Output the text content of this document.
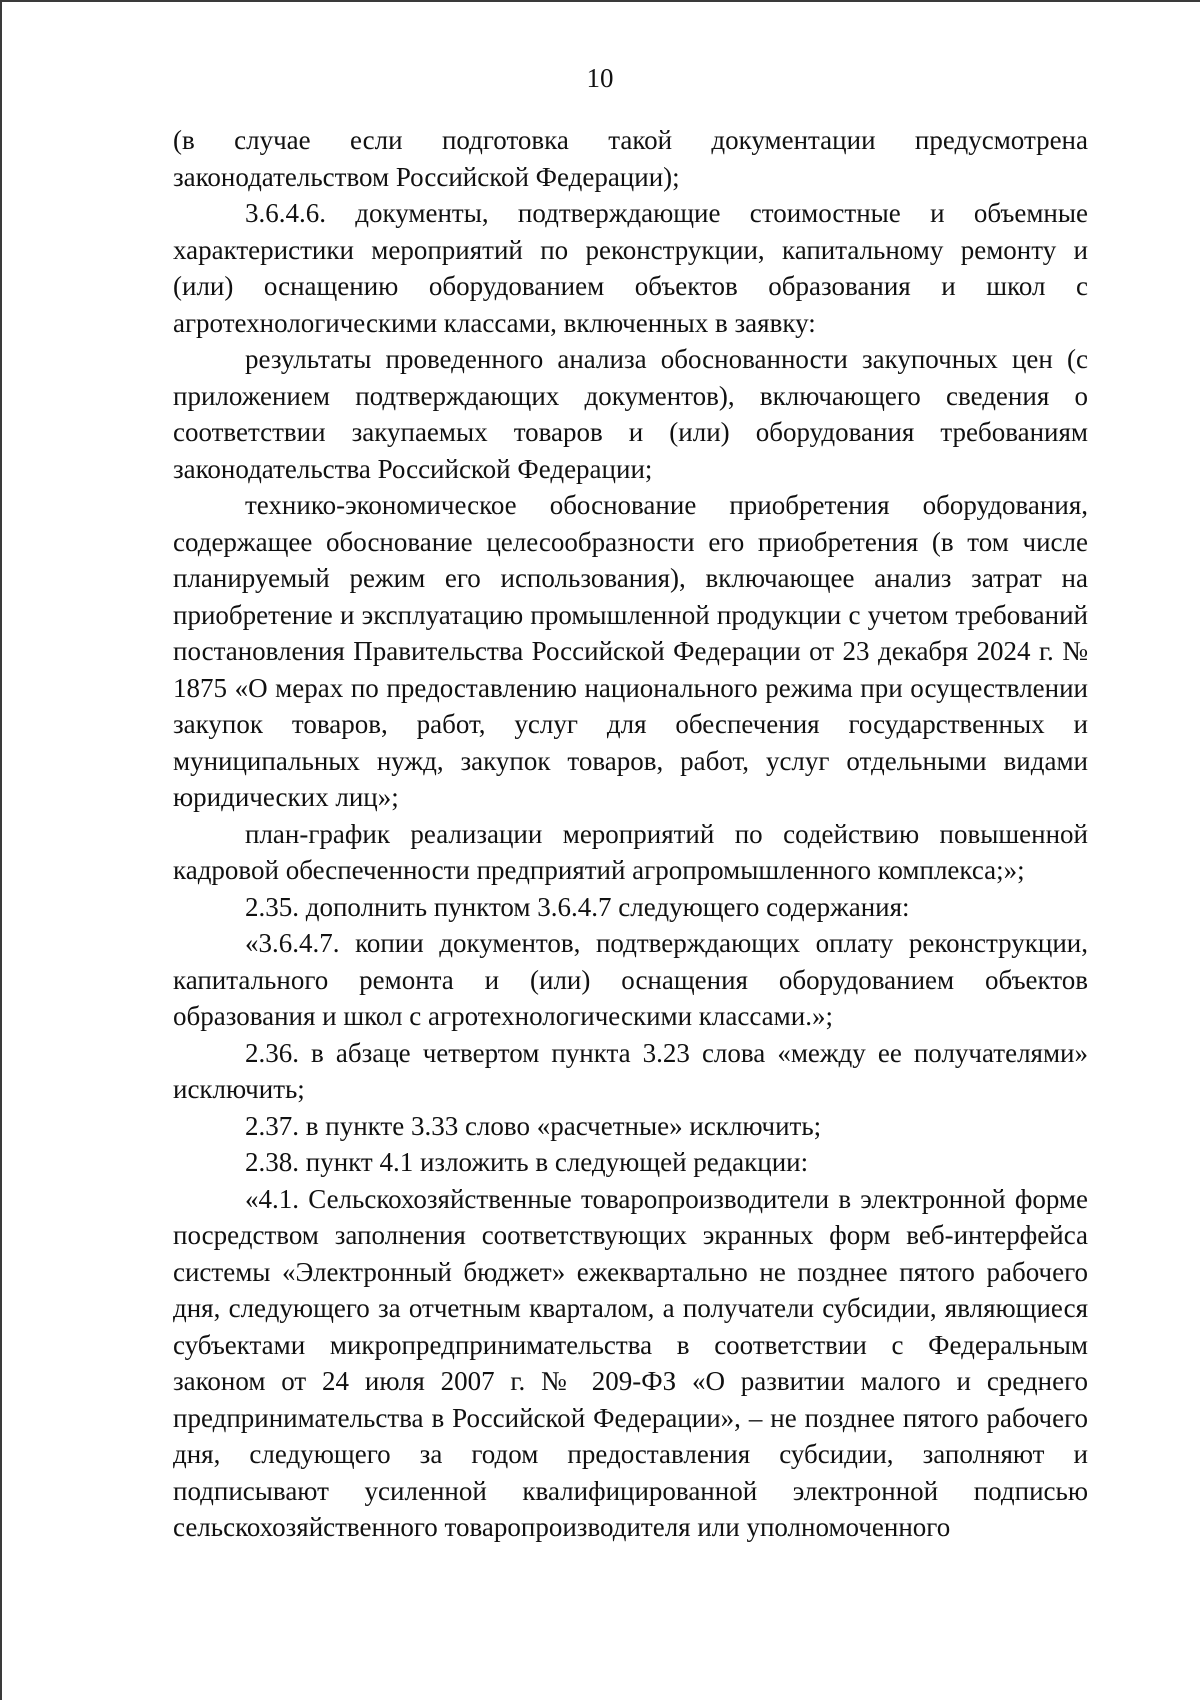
10

(в случае если подготовка такой документации предусмотрена законодательством Российской Федерации);

3.6.4.6. документы, подтверждающие стоимостные и объемные характеристики мероприятий по реконструкции, капитальному ремонту и (или) оснащению оборудованием объектов образования и школ с агротехнологическими классами, включенных в заявку:

результаты проведенного анализа обоснованности закупочных цен (с приложением подтверждающих документов), включающего сведения о соответствии закупаемых товаров и (или) оборудования требованиям законодательства Российской Федерации;

технико-экономическое обоснование приобретения оборудования, содержащее обоснование целесообразности его приобретения (в том числе планируемый режим его использования), включающее анализ затрат на приобретение и эксплуатацию промышленной продукции с учетом требований постановления Правительства Российской Федерации от 23 декабря 2024 г. № 1875 «О мерах по предоставлению национального режима при осуществлении закупок товаров, работ, услуг для обеспечения государственных и муниципальных нужд, закупок товаров, работ, услуг отдельными видами юридических лиц»;

план-график реализации мероприятий по содействию повышенной кадровой обеспеченности предприятий агропромышленного комплекса;»;

2.35. дополнить пунктом 3.6.4.7 следующего содержания:

«3.6.4.7. копии документов, подтверждающих оплату реконструкции, капитального ремонта и (или) оснащения оборудованием объектов образования и школ с агротехнологическими классами.»;

2.36. в абзаце четвертом пункта 3.23 слова «между ее получателями» исключить;

2.37. в пункте 3.33 слово «расчетные» исключить;

2.38. пункт 4.1 изложить в следующей редакции:

«4.1. Сельскохозяйственные товаропроизводители в электронной форме посредством заполнения соответствующих экранных форм веб-интерфейса системы «Электронный бюджет» ежеквартально не позднее пятого рабочего дня, следующего за отчетным кварталом, а получатели субсидии, являющиеся субъектами микропредпринимательства в соответствии с Федеральным законом от 24 июля 2007 г. № 209-ФЗ «О развитии малого и среднего предпринимательства в Российской Федерации», – не позднее пятого рабочего дня, следующего за годом предоставления субсидии, заполняют и подписывают усиленной квалифицированной электронной подписью сельскохозяйственного товаропроизводителя или уполномоченного
